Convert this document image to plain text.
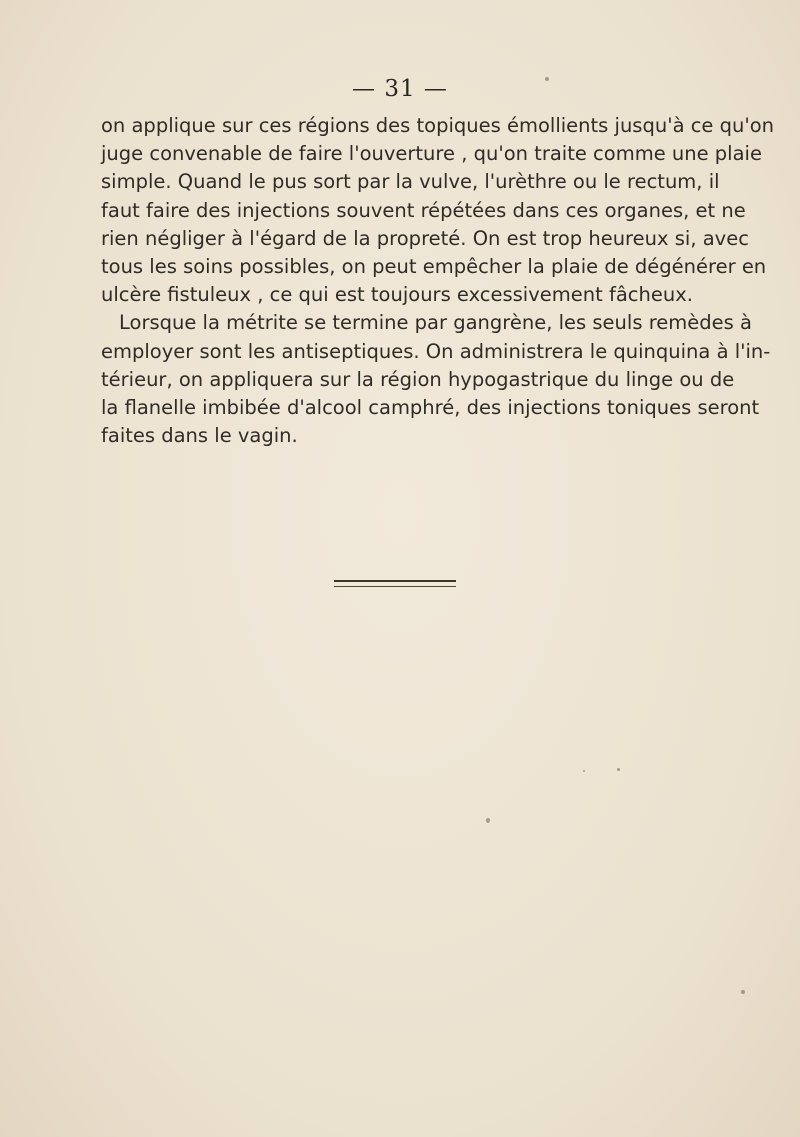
— 31 —
on applique sur ces régions des topiques émollients jusqu'à ce qu'on
juge convenable de faire l'ouverture , qu'on traite comme une plaie
simple. Quand le pus sort par la vulve, l'urèthre ou le rectum, il
faut faire des injections souvent répétées dans ces organes, et ne
rien négliger à l'égard de la propreté. On est trop heureux si, avec
tous les soins possibles, on peut empêcher la plaie de dégénérer en
ulcère fistuleux , ce qui est toujours excessivement fâcheux.
Lorsque la métrite se termine par gangrène, les seuls remèdes à
employer sont les antiseptiques. On administrera le quinquina à l'in-
térieur, on appliquera sur la région hypogastrique du linge ou de
la flanelle imbibée d'alcool camphré, des injections toniques seront
faites dans le vagin.
